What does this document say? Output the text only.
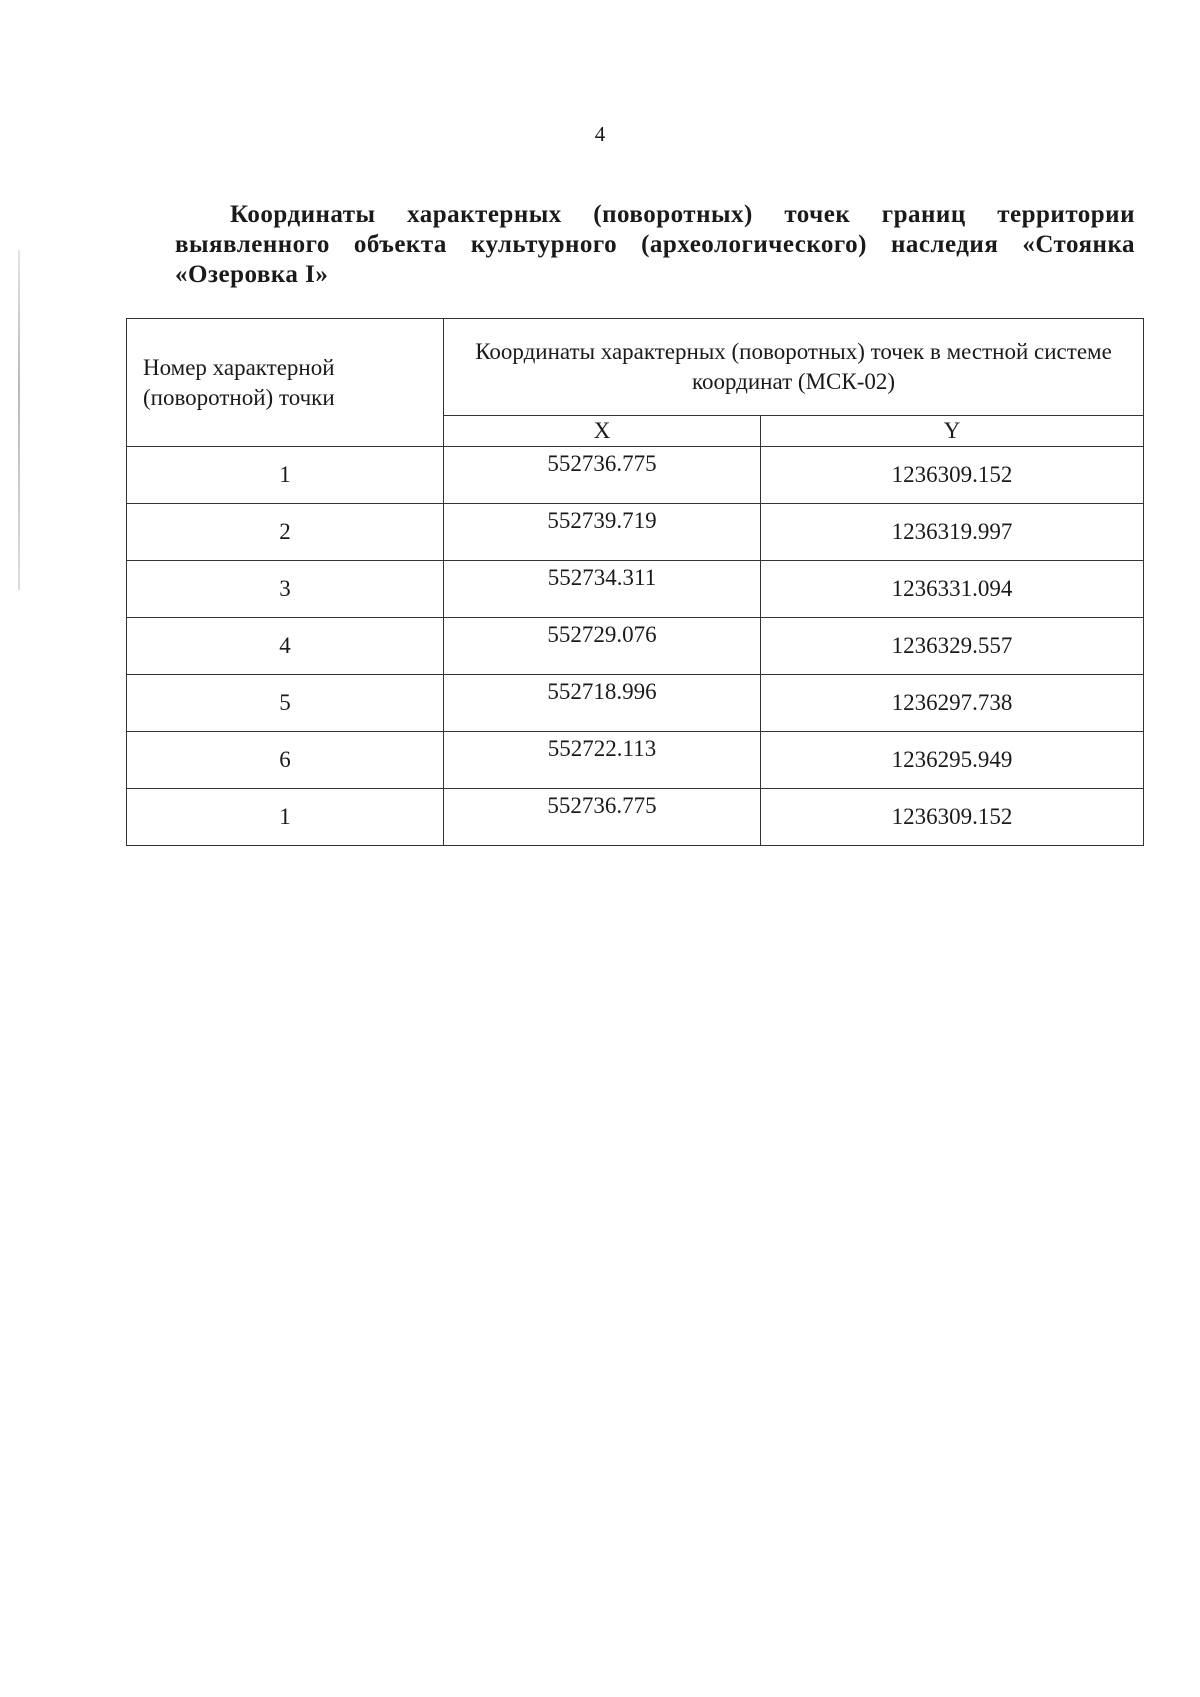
4
Координаты характерных (поворотных) точек границ территории выявленного объекта культурного (археологического) наследия «Стоянка «Озеровка I»
Номер характерной (поворотной) точки	Координаты характерных (поворотных) точек в местной системе координат (МСК-02)	
	X	Y
1	552736.775	1236309.152
2	552739.719	1236319.997
3	552734.311	1236331.094
4	552729.076	1236329.557
5	552718.996	1236297.738
6	552722.113	1236295.949
1	552736.775	1236309.152
